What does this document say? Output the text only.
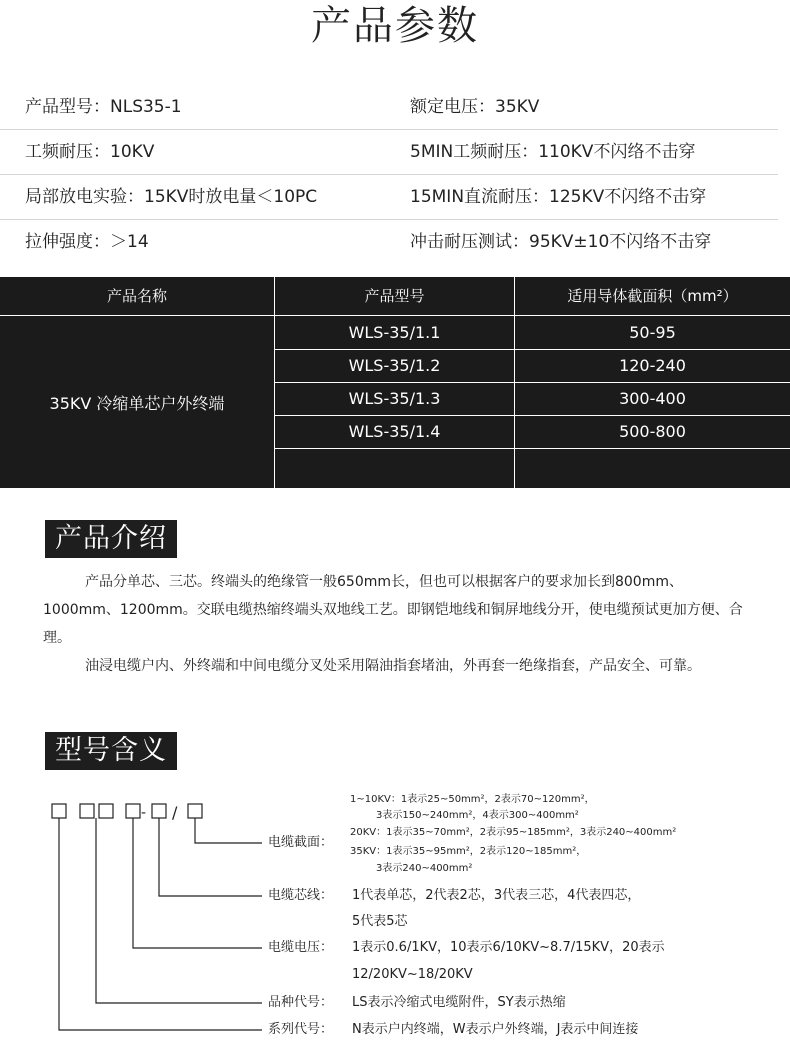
产品参数
产品型号：NLS35-1	额定电压：35KV
工频耐压：10KV	5MIN工频耐压：110KV不闪络不击穿
局部放电实验：15KV时放电量＜10PC	15MIN直流耐压：125KV不闪络不击穿
拉伸强度：＞14	冲击耐压测试：95KV±10不闪络不击穿
产品名称	产品型号	适用导体截面积（mm²）
35KV 冷缩单芯户外终端
WLS-35/1.1	50-95
WLS-35/1.2	120-240
WLS-35/1.3	300-400
WLS-35/1.4	500-800
产品介绍

产品分单芯、三芯。终端头的绝缘管一般650mm长，但也可以根据客户的要求加长到800mm、1000mm、1200mm。交联电缆热缩终端头双地线工艺。即钢铠地线和铜屏地线分开，使电缆预试更加方便、合理。

油浸电缆户内、外终端和中间电缆分叉处采用隔油指套堵油，外再套一绝缘指套，产品安全、可靠。

型号含义
- /
1~10KV：1表示25~50mm²，2表示70~120mm²，
3表示150~240mm²，4表示300~400mm²
20KV：1表示35~70mm²，2表示95~185mm²，3表示240~400mm²
35KV：1表示35~95mm²，2表示120~185mm²，
3表示240~400mm²
电缆截面：
电缆芯线： 1代表单芯，2代表2芯，3代表三芯，4代表四芯，
5代表5芯
电缆电压： 1表示0.6/1KV，10表示6/10KV~8.7/15KV，20表示
12/20KV~18/20KV
品种代号： LS表示冷缩式电缆附件，SY表示热缩
系列代号： N表示户内终端，W表示户外终端，J表示中间连接
